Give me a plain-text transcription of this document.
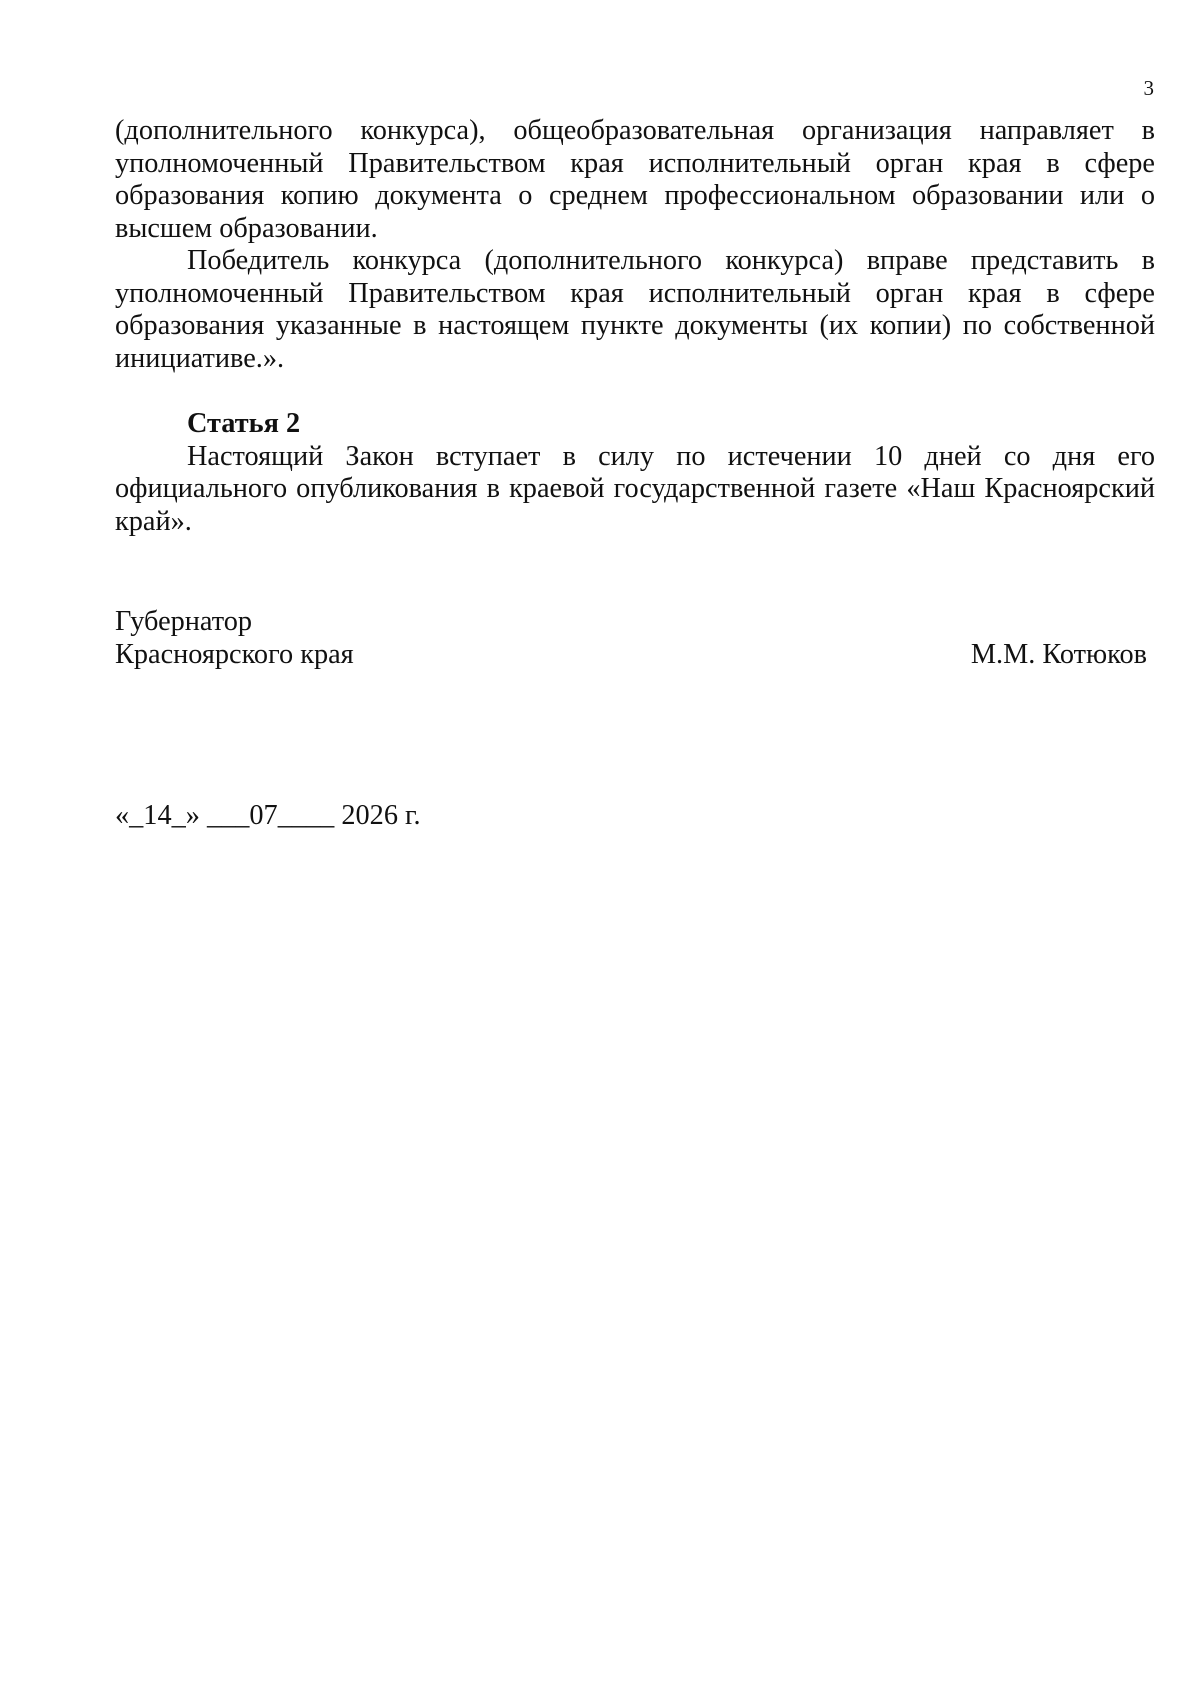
3

(дополнительного конкурса), общеобразовательная организация направляет в уполномоченный Правительством края исполнительный орган края в сфере образования копию документа о среднем профессиональном образовании или о высшем образовании.

Победитель конкурса (дополнительного конкурса) вправе представить в уполномоченный Правительством края исполнительный орган края в сфере образования указанные в настоящем пункте документы (их копии) по собственной инициативе.».

Статья 2

Настоящий Закон вступает в силу по истечении 10 дней со дня его официального опубликования в краевой государственной газете «Наш Красноярский край».

Губернатор
Красноярского края	М.М. Котюков
«_14_» ___07____ 2026 г.
